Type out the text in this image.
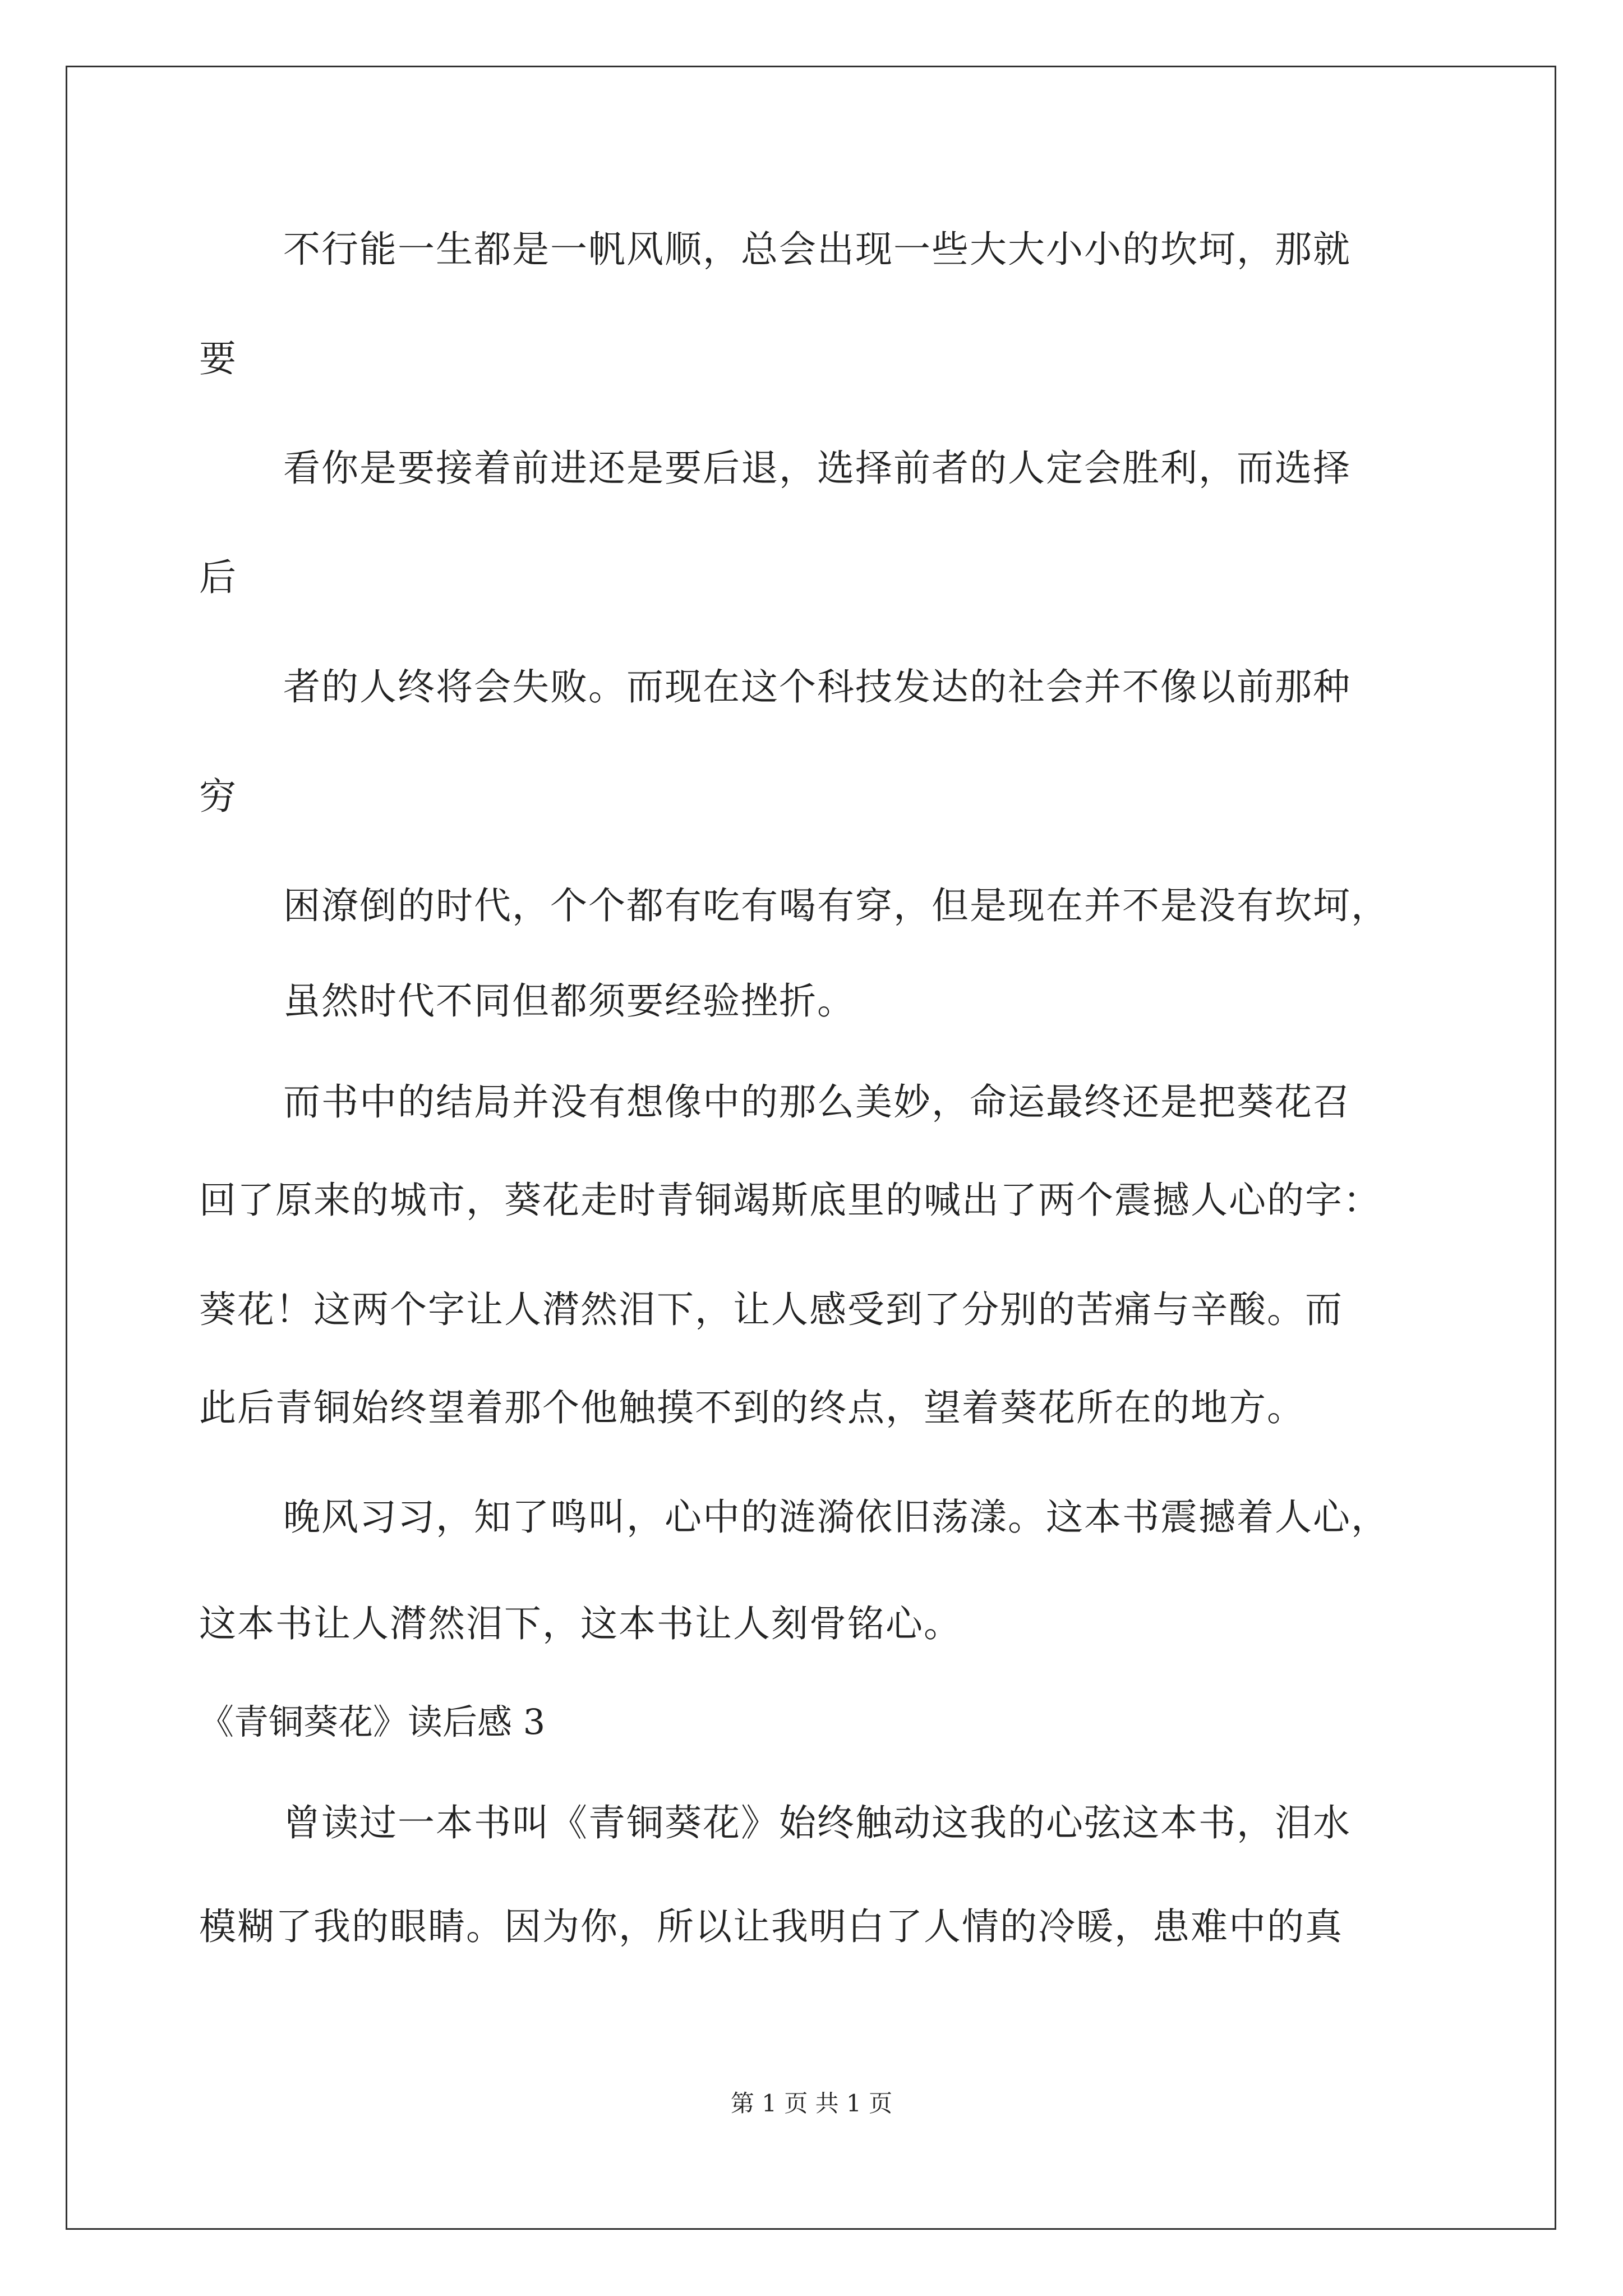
不行能一生都是一帆风顺，总会出现一些大大小小的坎坷，那就
要
看你是要接着前进还是要后退，选择前者的人定会胜利，而选择
后
者的人终将会失败。而现在这个科技发达的社会并不像以前那种
穷
困潦倒的时代，个个都有吃有喝有穿，但是现在并不是没有坎坷，
虽然时代不同但都须要经验挫折。
而书中的结局并没有想像中的那么美妙，命运最终还是把葵花召
回了原来的城市，葵花走时青铜竭斯底里的喊出了两个震撼人心的字：
葵花！这两个字让人潸然泪下，让人感受到了分别的苦痛与辛酸。而
此后青铜始终望着那个他触摸不到的终点，望着葵花所在的地方。
晚风习习，知了鸣叫，心中的涟漪依旧荡漾。这本书震撼着人心，
这本书让人潸然泪下，这本书让人刻骨铭心。
《青铜葵花》读后感 3
曾读过一本书叫《青铜葵花》始终触动这我的心弦这本书，泪水
模糊了我的眼睛。因为你，所以让我明白了人情的冷暖，患难中的真
第 1 页 共 1 页
